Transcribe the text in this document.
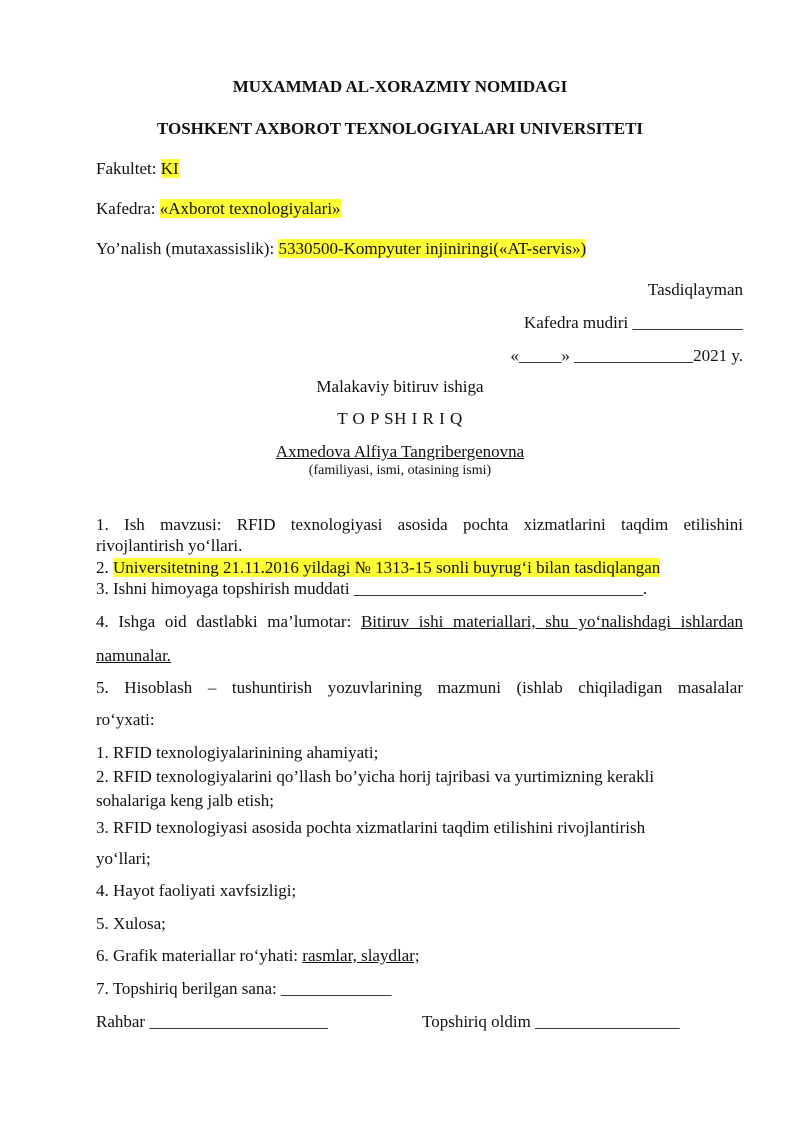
MUXAMMAD AL-XORAZMIY NOMIDAGI
TOSHKENT AXBOROT TEXNOLOGIYALARI UNIVERSITETI
Fakultet: KI
Kafedra: «Axborot texnologiyalari»
Yo’nalish (mutaxassislik): 5330500-Kompyuter injiniringi(«AT-servis»)
Tasdiqlayman
Kafedra mudiri _____________
«_____» ______________2021 y.
Malakaviy bitiruv ishiga
T O P SH I R I Q
Axmedova Alfiya Tangribergenovna
(familiyasi, ismi, otasining ismi)
1. Ish mavzusi: RFID texnologiyasi asosida pochta xizmatlarini taqdim etilishini
rivojlantirish yo‘llari.
2. Universitetning 21.11.2016 yildagi № 1313-15 sonli buyrug‘i bilan tasdiqlangan
3. Ishni himoyaga topshirish muddati __________________________________.
4. Ishga oid dastlabki ma’lumotar: Bitiruv ishi materiallari, shu yo‘nalishdagi ishlardan
namunalar.
5. Hisoblash – tushuntirish yozuvlarining mazmuni (ishlab chiqiladigan masalalar
ro‘yxati:
1. RFID texnologiyalarinining ahamiyati;
2. RFID texnologiyalarini qo’llash bo’yicha horij tajribasi va yurtimizning kerakli
sohalariga keng jalb etish;
3. RFID texnologiyasi asosida pochta xizmatlarini taqdim etilishini rivojlantirish
yo‘llari;
4. Hayot faoliyati xavfsizligi;
5. Xulosa;
6. Grafik materiallar ro‘yhati: rasmlar, slaydlar;
7. Topshiriq berilgan sana: _____________
Rahbar _____________________	Topshiriq oldim _________________
